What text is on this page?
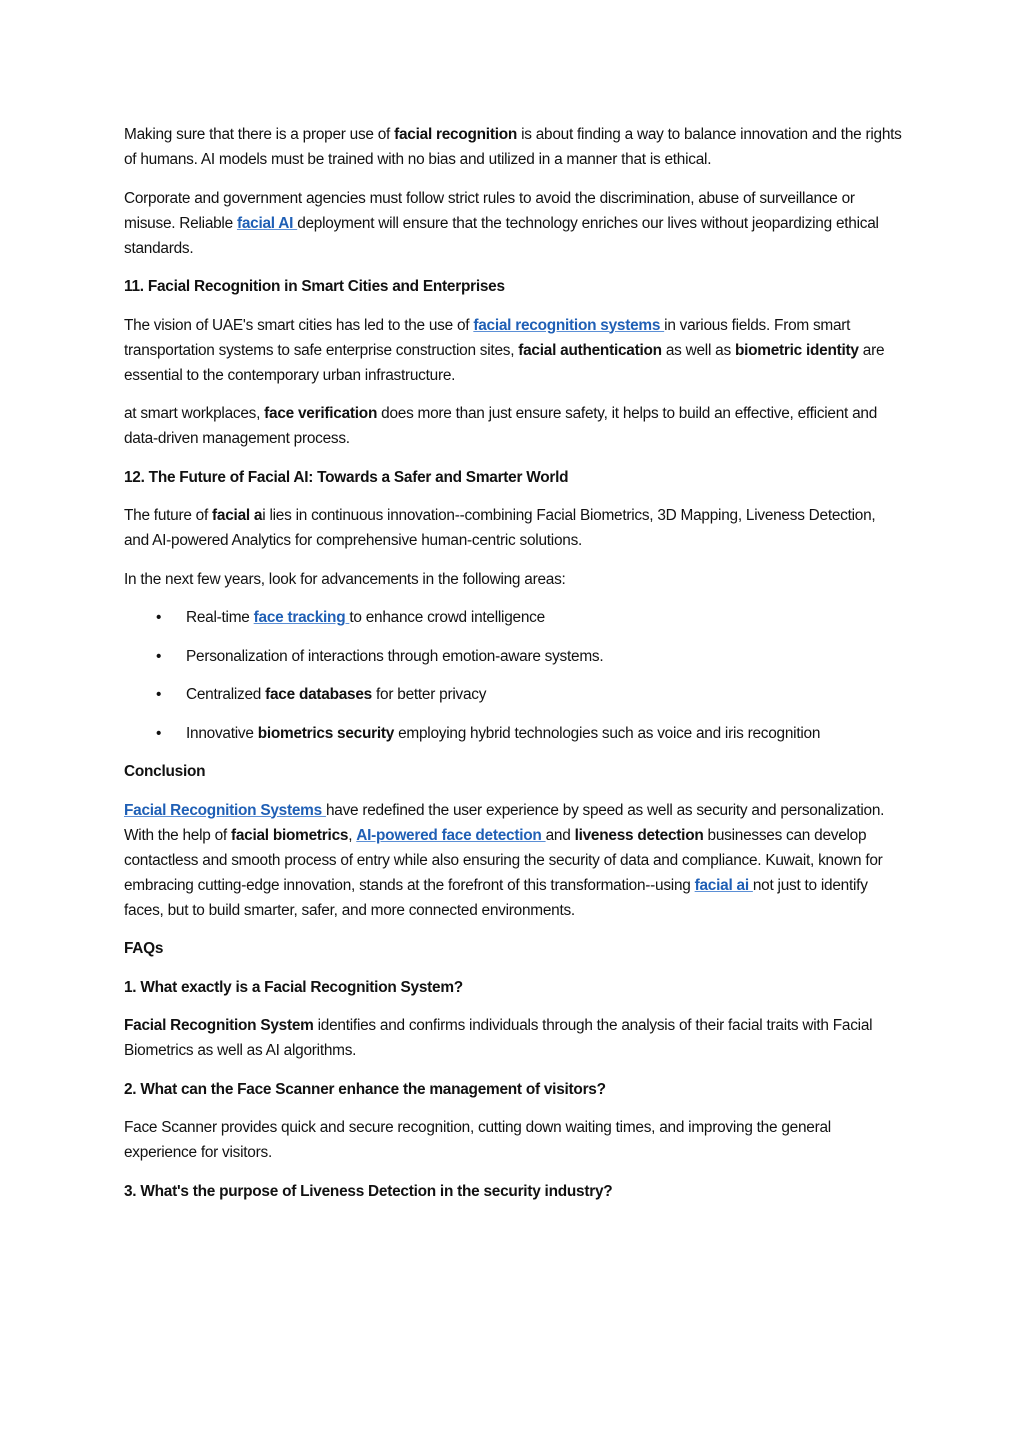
Making sure that there is a proper use of facial recognition is about finding a way to balance innovation and the rights of humans. AI models must be trained with no bias and utilized in a manner that is ethical.

Corporate and government agencies must follow strict rules to avoid the discrimination, abuse of surveillance or misuse. Reliable facial AI deployment will ensure that the technology enriches our lives without jeopardizing ethical standards.

11. Facial Recognition in Smart Cities and Enterprises

The vision of UAE's smart cities has led to the use of facial recognition systems in various fields. From smart transportation systems to safe enterprise construction sites, facial authentication as well as biometric identity are essential to the contemporary urban infrastructure.

at smart workplaces, face verification does more than just ensure safety, it helps to build an effective, efficient and data-driven management process.

12. The Future of Facial AI: Towards a Safer and Smarter World

The future of facial ai lies in continuous innovation--combining Facial Biometrics, 3D Mapping, Liveness Detection, and AI-powered Analytics for comprehensive human-centric solutions.

In the next few years, look for advancements in the following areas:

• Real-time face tracking to enhance crowd intelligence
• Personalization of interactions through emotion-aware systems.
• Centralized face databases for better privacy
• Innovative biometrics security employing hybrid technologies such as voice and iris recognition

Conclusion

Facial Recognition Systems have redefined the user experience by speed as well as security and personalization. With the help of facial biometrics, AI-powered face detection and liveness detection businesses can develop contactless and smooth process of entry while also ensuring the security of data and compliance. Kuwait, known for embracing cutting-edge innovation, stands at the forefront of this transformation--using facial ai not just to identify faces, but to build smarter, safer, and more connected environments.

FAQs

1. What exactly is a Facial Recognition System?

Facial Recognition System identifies and confirms individuals through the analysis of their facial traits with Facial Biometrics as well as AI algorithms.

2. What can the Face Scanner enhance the management of visitors?

Face Scanner provides quick and secure recognition, cutting down waiting times, and improving the general experience for visitors.

3. What's the purpose of Liveness Detection in the security industry?
